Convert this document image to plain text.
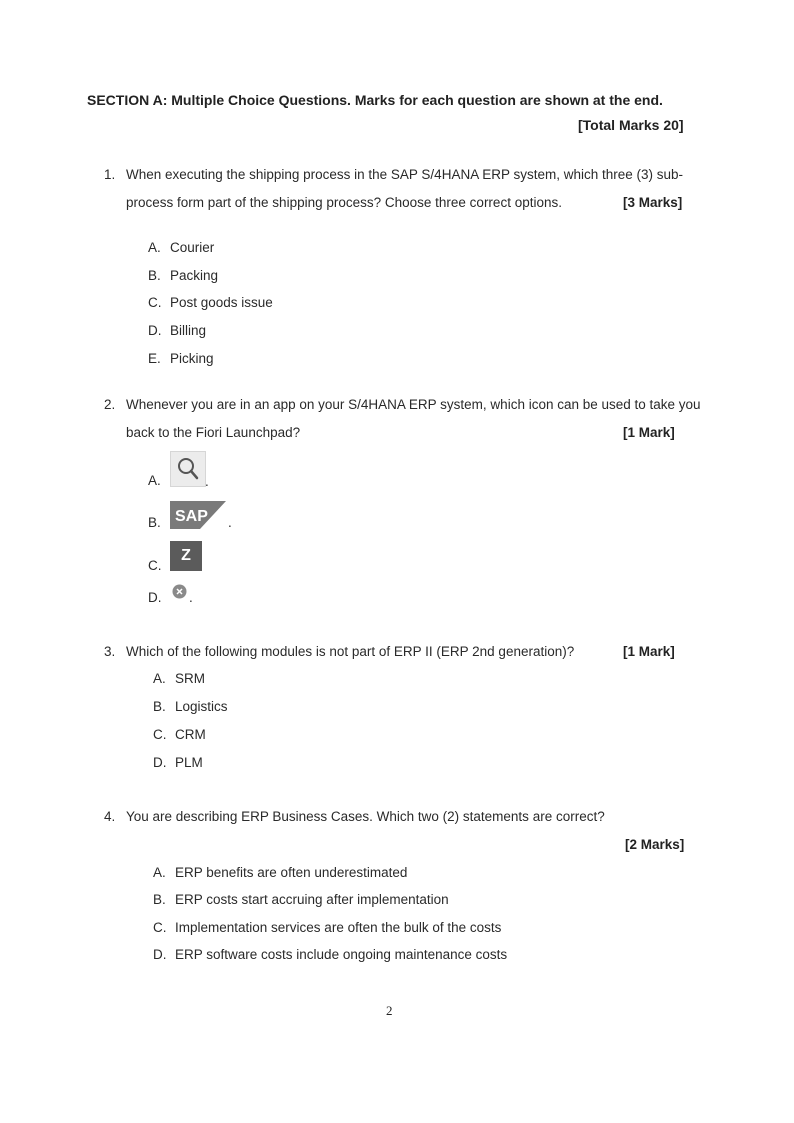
SECTION A: Multiple Choice Questions. Marks for each question are shown at the end.
[Total Marks 20]
1. When executing the shipping process in the SAP S/4HANA ERP system, which three (3) sub-
process form part of the shipping process? Choose three correct options.	[3 Marks]
A. Courier
B. Packing
C. Post goods issue
D. Billing
E. Picking
2. Whenever you are in an app on your S/4HANA ERP system, which icon can be used to take you
back to the Fiori Launchpad?	[1 Mark]
A.	.
B. SAP .
C.
Z
D. .
3. Which of the following modules is not part of ERP II (ERP 2nd generation)?	[1 Mark]
A. SRM
B. Logistics
C. CRM
D. PLM
4. You are describing ERP Business Cases. Which two (2) statements are correct?
[2 Marks]
A. ERP benefits are often underestimated
B. ERP costs start accruing after implementation
C. Implementation services are often the bulk of the costs
D. ERP software costs include ongoing maintenance costs
2
